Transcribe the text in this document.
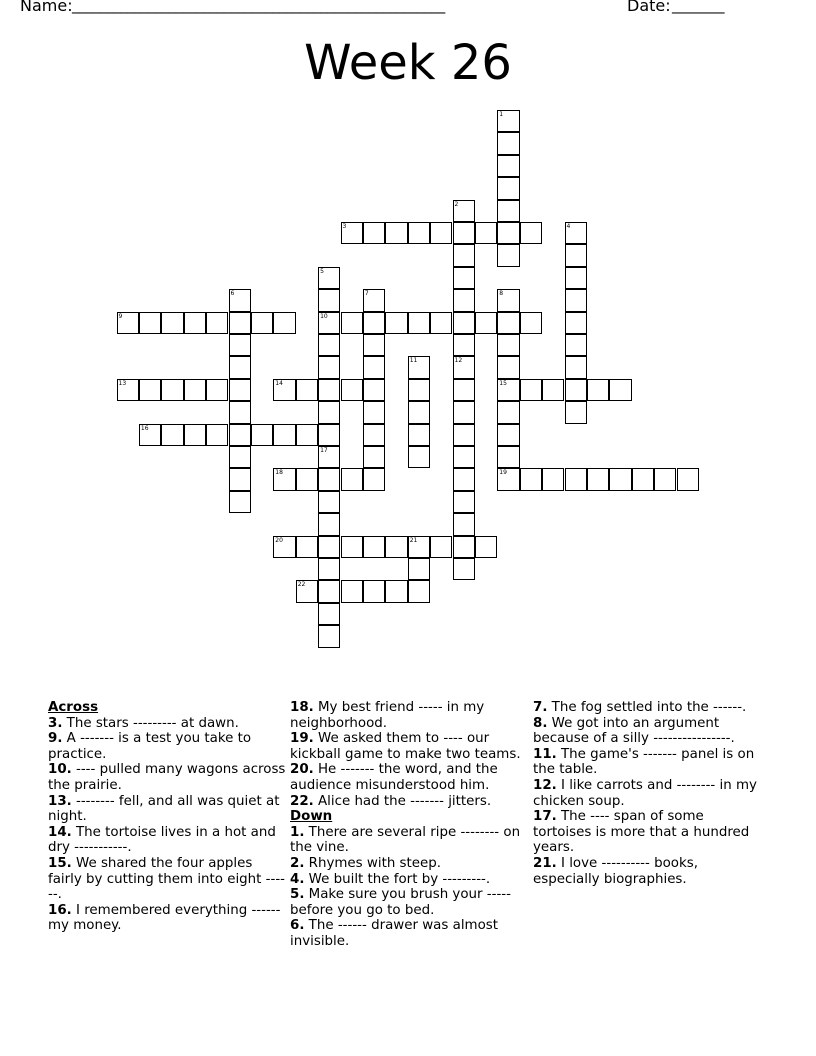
Name:

______________________________________________________

	Date:

_______

Week 26
1
3
2
12
4
5
10
17
6	7	8
15
19
9
11
13	14
16
18
20	21
22
Across
3. The stars --------- at dawn.
9. A ------- is a test you take to practice.
10. ---- pulled many wagons across the prairie.
13. -------- fell, and all was quiet at night.
14. The tortoise lives in a hot and dry -----------.
15. We shared the four apples fairly by cutting them into eight ------.
16. I remembered everything ------ my money.
18. My best friend ----- in my neighborhood.
19. We asked them to ---- our kickball game to make two teams.
20. He ------- the word, and the audience misunderstood him.
22. Alice had the ------- jitters.
Down
1. There are several ripe -------- on the vine.
2. Rhymes with steep.
4. We built the fort by ---------.
5. Make sure you brush your ----- before you go to bed.
6. The ------ drawer was almost invisible.
7. The fog settled into the ------.
8. We got into an argument because of a silly ----------------.
11. The game's ------- panel is on the table.
12. I like carrots and -------- in my chicken soup.
17. The ---- span of some tortoises is more that a hundred years.
21. I love ---------- books, especially biographies.
